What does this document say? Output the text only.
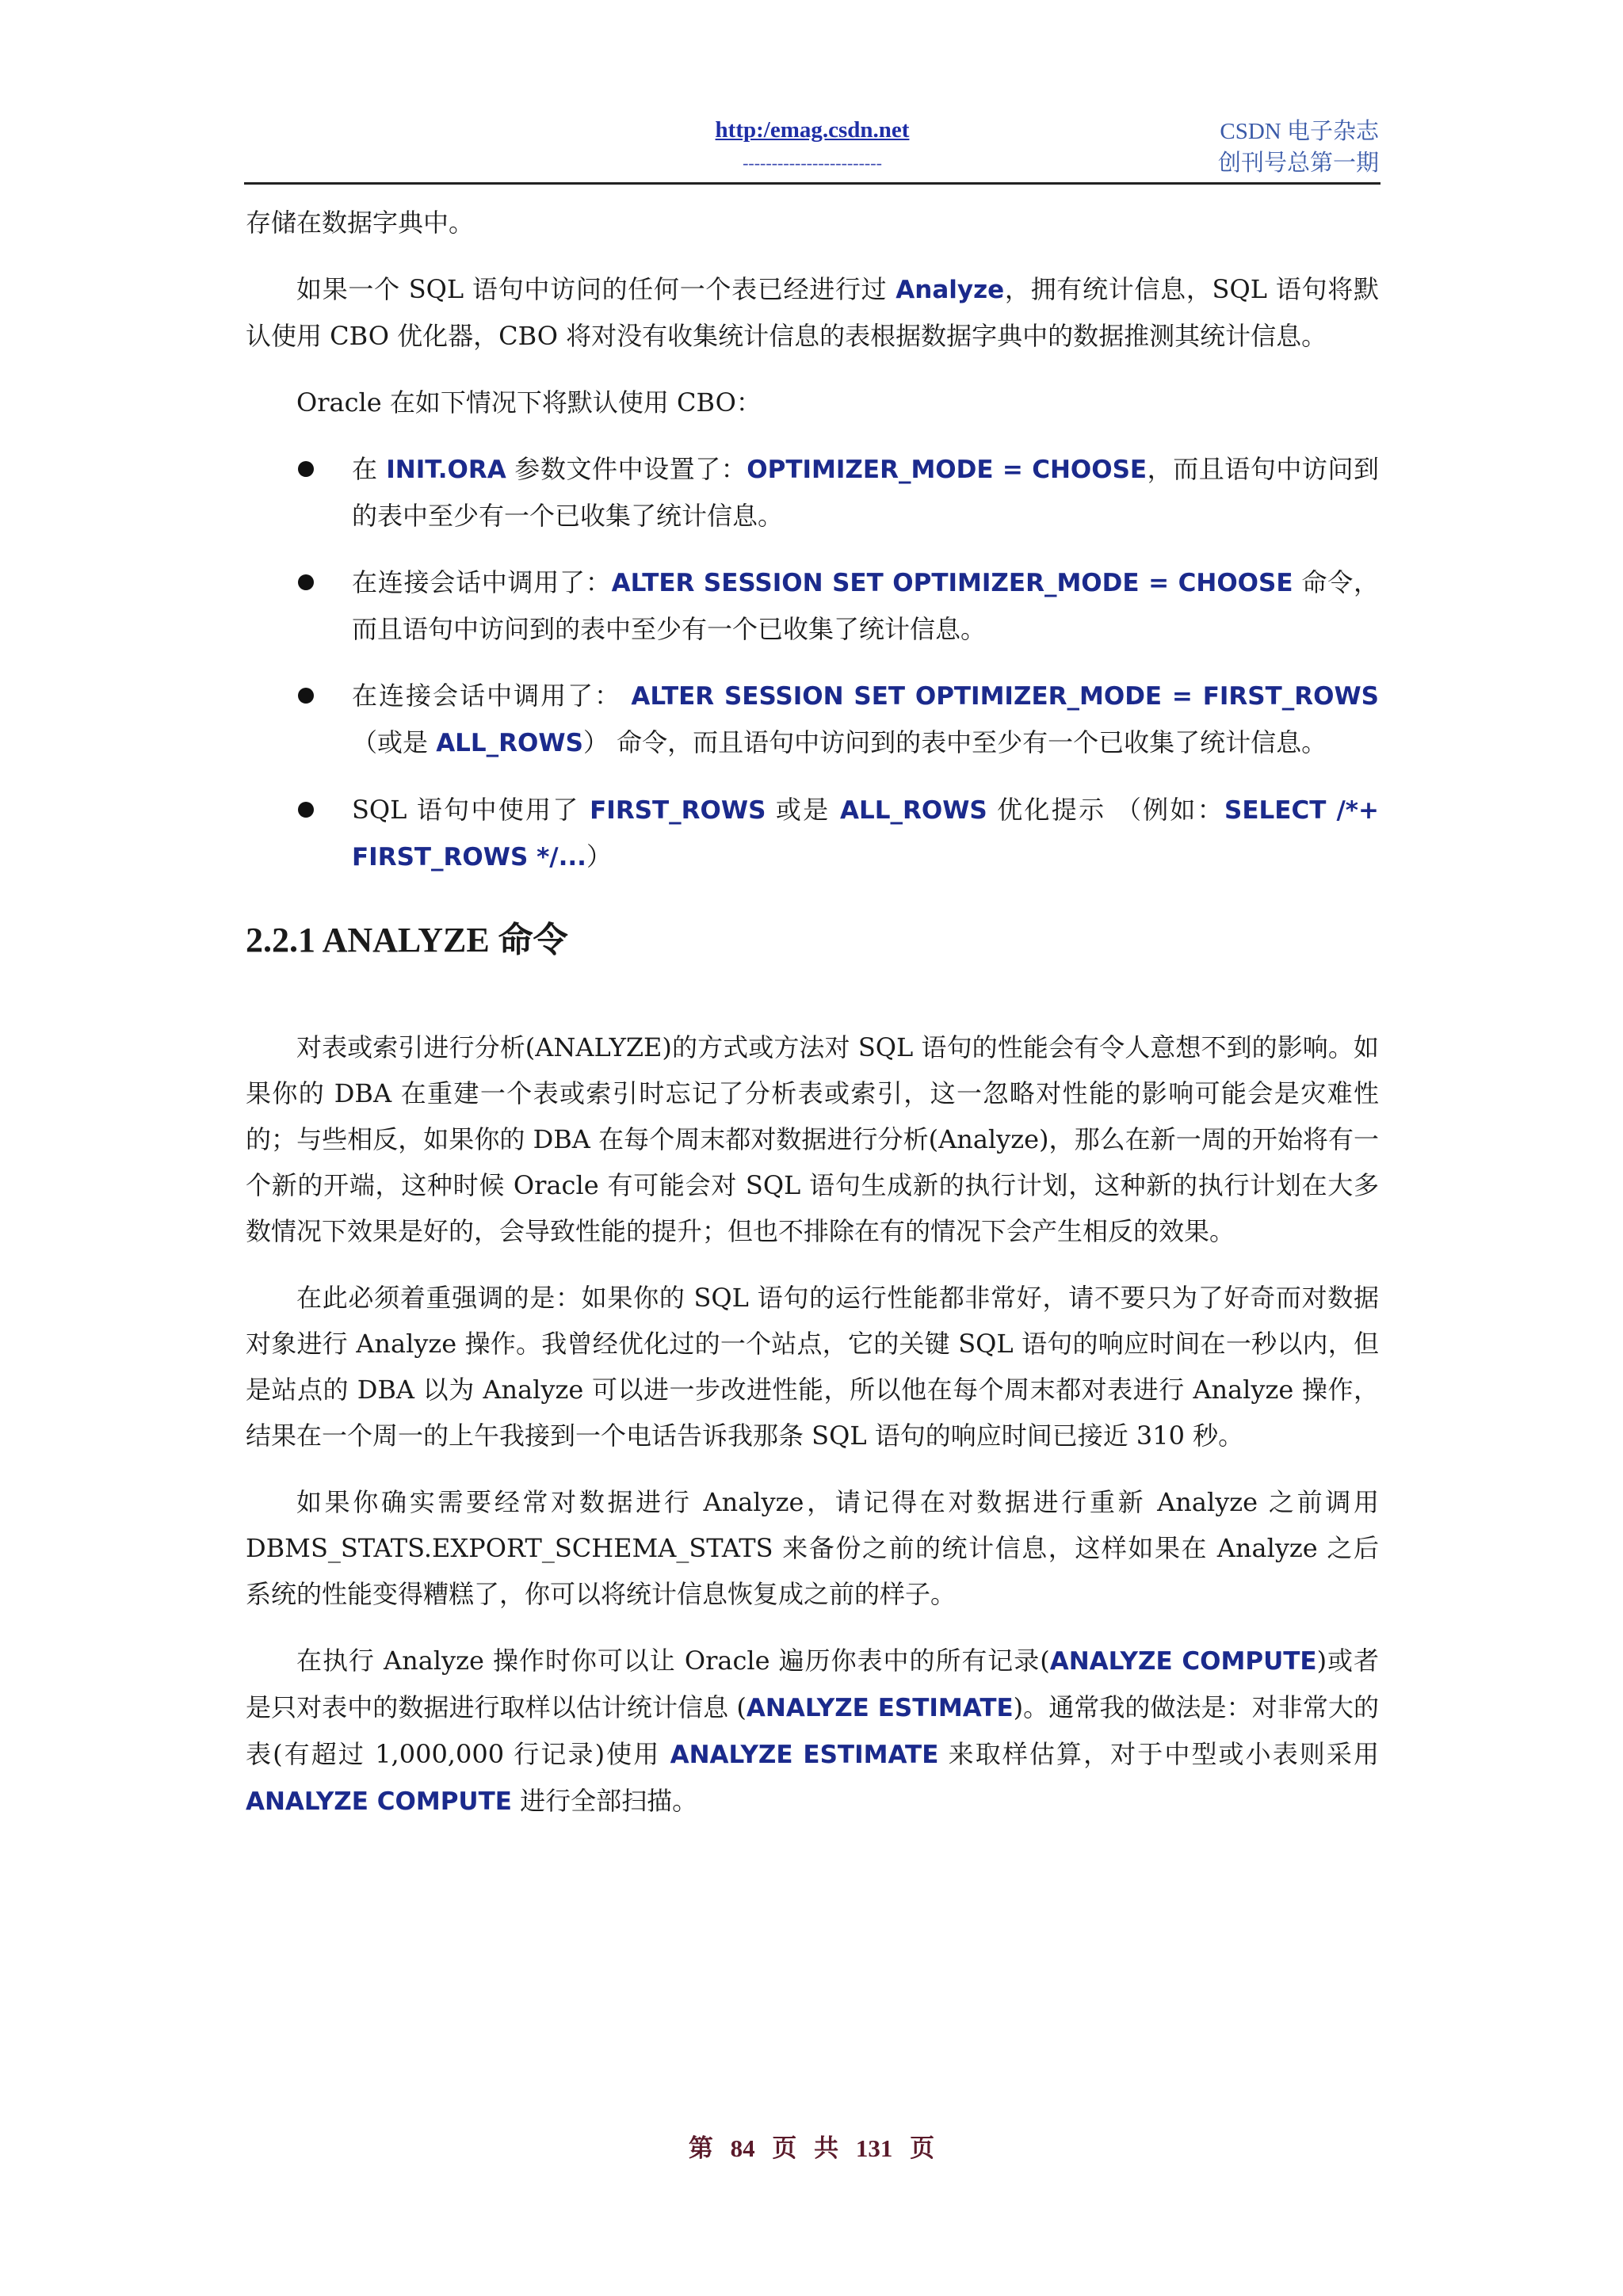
http:/emag.csdn.net
------------------------
CSDN 电子杂志
创刊号总第一期

存储在数据字典中。

如果一个 SQL 语句中访问的任何一个表已经进行过 Analyze，拥有统计信息，SQL 语句将默认使用 CBO 优化器，CBO 将对没有收集统计信息的表根据数据字典中的数据推测其统计信息。

Oracle 在如下情况下将默认使用 CBO：

在 INIT.ORA 参数文件中设置了：OPTIMIZER_MODE = CHOOSE，而且语句中访问到的表中至少有一个已收集了统计信息。
在连接会话中调用了：ALTER SESSION SET OPTIMIZER_MODE = CHOOSE 命令，而且语句中访问到的表中至少有一个已收集了统计信息。
在连接会话中调用了： ALTER SESSION SET OPTIMIZER_MODE = FIRST_ROWS（或是 ALL_ROWS） 命令，而且语句中访问到的表中至少有一个已收集了统计信息。
SQL 语句中使用了 FIRST_ROWS 或是 ALL_ROWS 优化提示 （例如：SELECT /*+ FIRST_ROWS */...）
2.2.1 ANALYZE 命令

对表或索引进行分析(ANALYZE)的方式或方法对 SQL 语句的性能会有令人意想不到的影响。如果你的 DBA 在重建一个表或索引时忘记了分析表或索引，这一忽略对性能的影响可能会是灾难性的；与些相反，如果你的 DBA 在每个周末都对数据进行分析(Analyze)，那么在新一周的开始将有一个新的开端，这种时候 Oracle 有可能会对 SQL 语句生成新的执行计划，这种新的执行计划在大多数情况下效果是好的，会导致性能的提升；但也不排除在有的情况下会产生相反的效果。

在此必须着重强调的是：如果你的 SQL 语句的运行性能都非常好，请不要只为了好奇而对数据对象进行 Analyze 操作。我曾经优化过的一个站点，它的关键 SQL 语句的响应时间在一秒以内，但是站点的 DBA 以为 Analyze 可以进一步改进性能，所以他在每个周末都对表进行 Analyze 操作，结果在一个周一的上午我接到一个电话告诉我那条 SQL 语句的响应时间已接近 310 秒。

如果你确实需要经常对数据进行 Analyze，请记得在对数据进行重新 Analyze 之前调用 DBMS_STATS.EXPORT_SCHEMA_STATS 来备份之前的统计信息，这样如果在 Analyze 之后系统的性能变得糟糕了，你可以将统计信息恢复成之前的样子。

在执行 Analyze 操作时你可以让 Oracle 遍历你表中的所有记录(ANALYZE COMPUTE)或者是只对表中的数据进行取样以估计统计信息 (ANALYZE ESTIMATE)。通常我的做法是：对非常大的表(有超过 1,000,000 行记录)使用 ANALYZE ESTIMATE 来取样估算，对于中型或小表则采用 ANALYZE COMPUTE 进行全部扫描。

第 84 页 共 131 页
